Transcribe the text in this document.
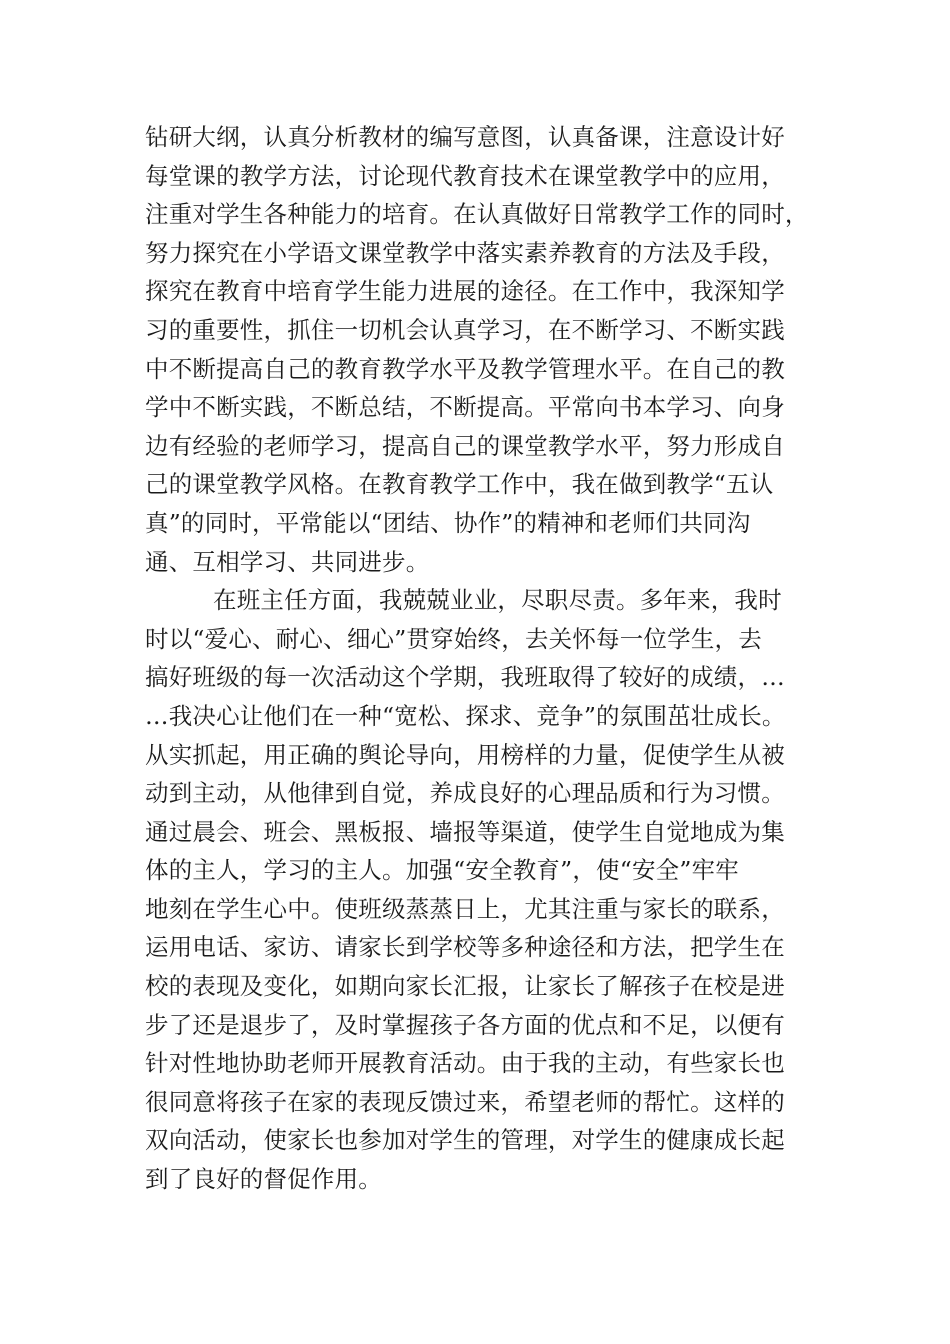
钻研大纲，认真分析教材的编写意图，认真备课，注意设计好
每堂课的教学方法，讨论现代教育技术在课堂教学中的应用，
注重对学生各种能力的培育。在认真做好日常教学工作的同时，
努力探究在小学语文课堂教学中落实素养教育的方法及手段，
探究在教育中培育学生能力进展的途径。在工作中，我深知学
习的重要性，抓住一切机会认真学习，在不断学习、不断实践
中不断提高自己的教育教学水平及教学管理水平。在自己的教
学中不断实践，不断总结，不断提高。平常向书本学习、向身
边有经验的老师学习，提高自己的课堂教学水平，努力形成自
己的课堂教学风格。在教育教学工作中，我在做到教学“五认
真”的同时，平常能以“团结、协作”的精神和老师们共同沟
通、互相学习、共同进步。
在班主任方面，我兢兢业业，尽职尽责。多年来，我时
时以“爱心、耐心、细心”贯穿始终，去关怀每一位学生，去
搞好班级的每一次活动这个学期，我班取得了较好的成绩，…
…我决心让他们在一种“宽松、探求、竞争”的氛围茁壮成长。
从实抓起，用正确的舆论导向，用榜样的力量，促使学生从被
动到主动，从他律到自觉，养成良好的心理品质和行为习惯。
通过晨会、班会、黑板报、墙报等渠道，使学生自觉地成为集
体的主人，学习的主人。加强“安全教育”，使“安全”牢牢
地刻在学生心中。使班级蒸蒸日上，尤其注重与家长的联系，
运用电话、家访、请家长到学校等多种途径和方法，把学生在
校的表现及变化，如期向家长汇报，让家长了解孩子在校是进
步了还是退步了，及时掌握孩子各方面的优点和不足，以便有
针对性地协助老师开展教育活动。由于我的主动，有些家长也
很同意将孩子在家的表现反馈过来，希望老师的帮忙。这样的
双向活动，使家长也参加对学生的管理，对学生的健康成长起
到了良好的督促作用。
